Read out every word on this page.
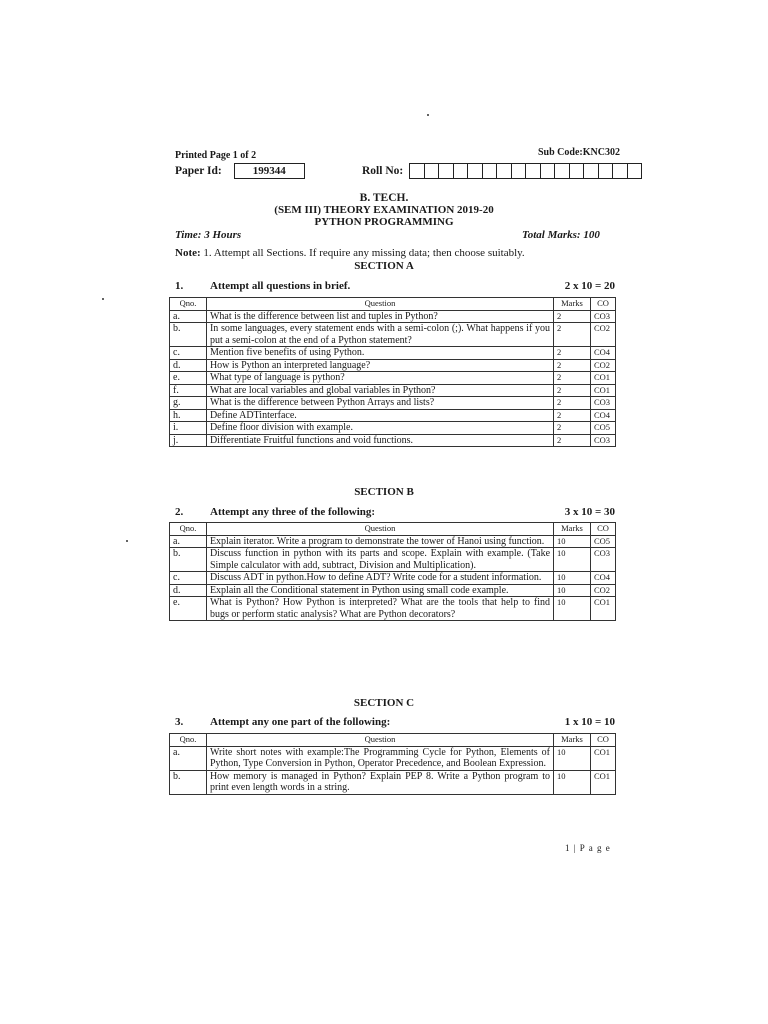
Printed Page 1 of 2	Sub Code:KNC302
Paper Id:	199344	Roll No:
B. TECH.
(SEM III) THEORY EXAMINATION 2019-20
PYTHON PROGRAMMING
Time: 3 Hours	Total Marks: 100
Note: 1. Attempt all Sections. If require any missing data; then choose suitably.
SECTION A
1. Attempt all questions in brief.	2 x 10 = 20
Qno.	Question	Marks	CO
a.	What is the difference between list and tuples in Python?	2	CO3
b.	In some languages, every statement ends with a semi-colon (;). What happens if you put a semi-colon at the end of a Python statement?	2	CO2
c.	Mention five benefits of using Python.	2	CO4
d.	How is Python an interpreted language?	2	CO2
e.	What type of language is python?	2	CO1
f.	What are local variables and global variables in Python?	2	CO1
g.	What is the difference between Python Arrays and lists?	2	CO3
h.	Define ADTinterface.	2	CO4
i.	Define floor division with example.	2	CO5
j.	Differentiate Fruitful functions and void functions.	2	CO3
SECTION B
2. Attempt any three of the following:	3 x 10 = 30
Qno.	Question	Marks	CO
a.	Explain iterator. Write a program to demonstrate the tower of Hanoi using function.	10	CO5
b.	Discuss function in python with its parts and scope. Explain with example. (Take Simple calculator with add, subtract, Division and Multiplication).	10	CO3
c.	Discuss ADT in python.How to define ADT? Write code for a student information.	10	CO4
d.	Explain all the Conditional statement in Python using small code example.	10	CO2
e.	What is Python? How Python is interpreted? What are the tools that help to find bugs or perform static analysis? What are Python decorators?	10	CO1
SECTION C
3. Attempt any one part of the following:	1 x 10 = 10
Qno.	Question	Marks	CO
a.	Write short notes with example:The Programming Cycle for Python, Elements of Python, Type Conversion in Python, Operator Precedence, and Boolean Expression.	10	CO1
b.	How memory is managed in Python? Explain PEP 8. Write a Python program to print even length words in a string.	10	CO1
1 | P a g e
